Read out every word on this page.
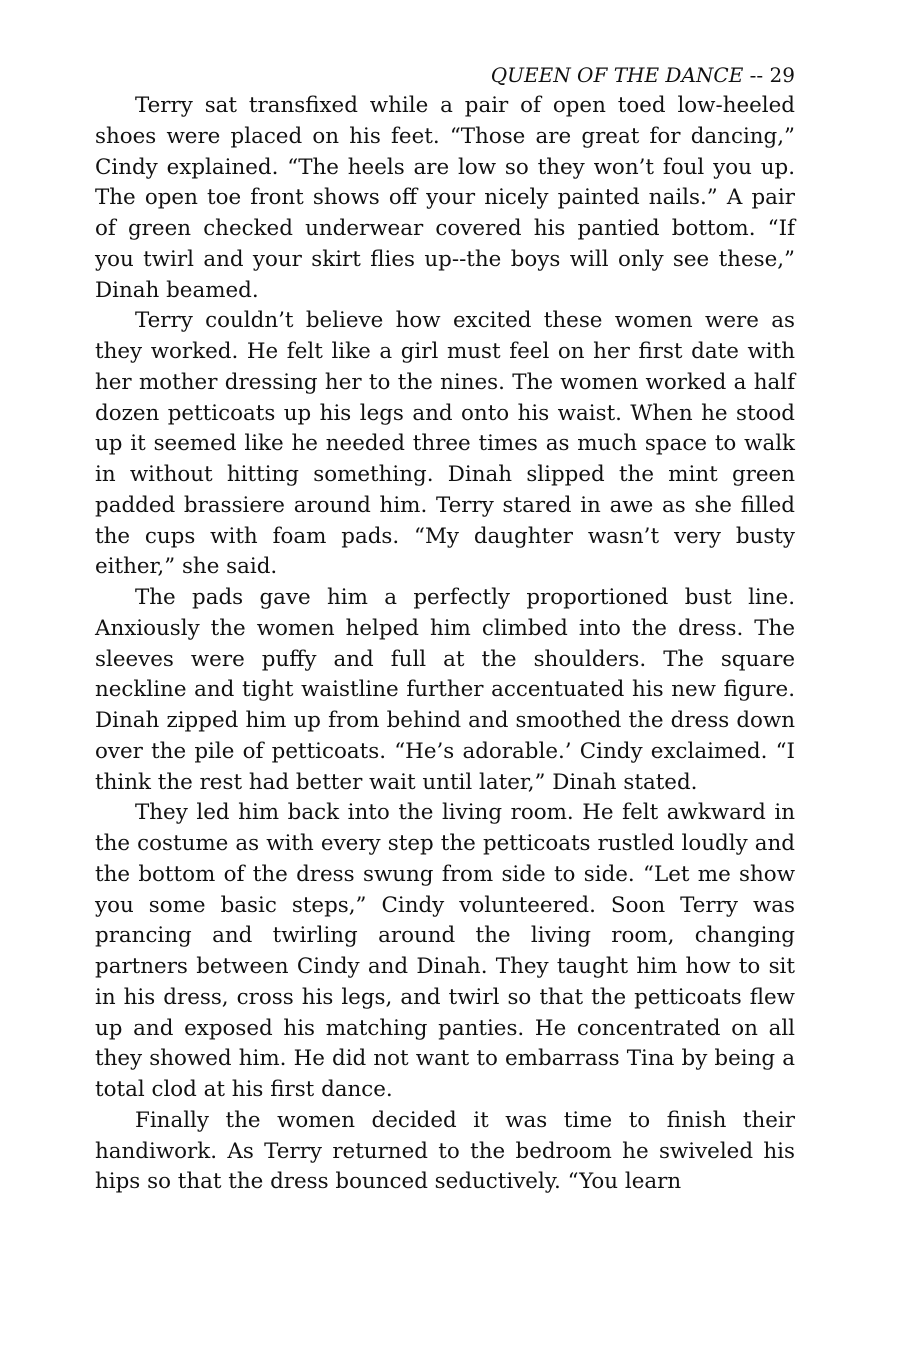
QUEEN OF THE DANCE -- 29

Terry sat transfixed while a pair of open toed low-heeled shoes were placed on his feet. “Those are great for dancing,” Cindy explained. “The heels are low so they won’t foul you up. The open toe front shows off your nicely painted nails.” A pair of green checked underwear covered his pantied bottom. “If you twirl and your skirt flies up--the boys will only see these,” Dinah beamed.

Terry couldn’t believe how excited these women were as they worked. He felt like a girl must feel on her first date with her mother dressing her to the nines. The women worked a half dozen petticoats up his legs and onto his waist. When he stood up it seemed like he needed three times as much space to walk in without hitting something. Dinah slipped the mint green padded brassiere around him. Terry stared in awe as she filled the cups with foam pads. “My daughter wasn’t very busty either,” she said.

The pads gave him a perfectly proportioned bust line. Anxiously the women helped him climbed into the dress. The sleeves were puffy and full at the shoulders. The square neckline and tight waistline further accentuated his new figure. Dinah zipped him up from behind and smoothed the dress down over the pile of petticoats. “He’s adorable.’ Cindy exclaimed. “I think the rest had better wait until later,” Dinah stated.

They led him back into the living room. He felt awkward in the costume as with every step the petticoats rustled loudly and the bottom of the dress swung from side to side. “Let me show you some basic steps,” Cindy volunteered. Soon Terry was prancing and twirling around the living room, changing partners between Cindy and Dinah. They taught him how to sit in his dress, cross his legs, and twirl so that the petticoats flew up and exposed his matching panties. He concentrated on all they showed him. He did not want to embarrass Tina by being a total clod at his first dance.

Finally the women decided it was time to finish their handiwork. As Terry returned to the bedroom he swiveled his hips so that the dress bounced seductively. “You learn
